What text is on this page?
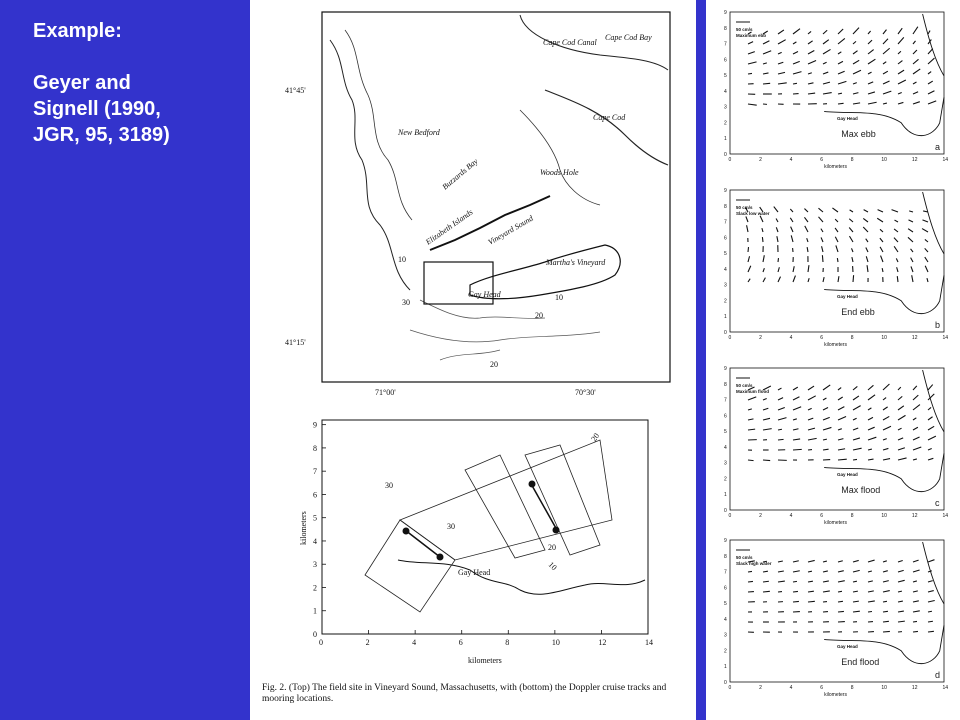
Example:
Geyer and
Signell (1990,
JGR, 95, 3189)
41°45'
41°15'
71°00'	70°30'
Cape Cod Canal
Cape Cod Bay
Cape Cod
New Bedford
Buzzards Bay	Woods Hole
Elizabeth Islands Vineyard Sound
Martha's Vineyard
Gay Head
10
30
10
20
20
0	2	4	6	8	10	12	14
0
1
2
3
4
5
6
7
8
9
30
30
20
20
10
Gay Head
kilometers
kilometers
50 cm/s
Maximum ebb
Gay Head
Max ebb
a
0	2	4	6	8	10	12	14
0
1
2
3
4
5
6
7
8
9
kilometers
50 cm/s
Slack low water
Gay Head
End ebb
b
0	2	4	6	8	10	12	14
0
1
2
3
4
5
6
7
8
9
kilometers
50 cm/s
Maximum flood
Gay Head
Max flood
c
0	2	4	6	8	10	12	14
0
1
2
3
4
5
6
7
8
9
kilometers
50 cm/s
Slack high water
Gay Head
End flood
d
0	2	4	6	8	10	12	14
0
1
2
3
4
5
6
7
8
9
kilometers
Fig. 2. (Top) The field site in Vineyard Sound, Massachusetts, with (bottom) the Doppler cruise tracks and mooring locations.
